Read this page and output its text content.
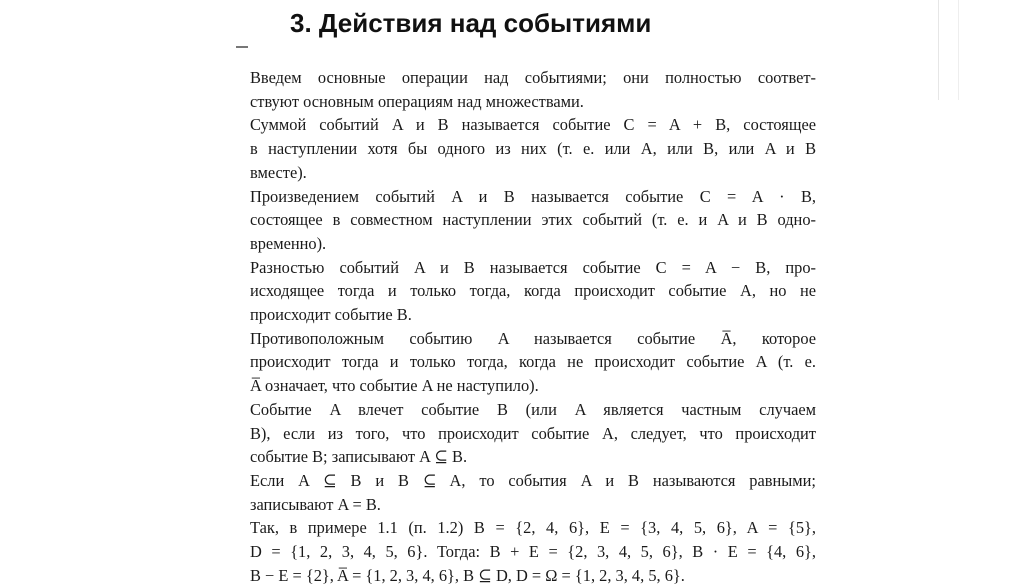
3. Действия над событиями

Введем основные операции над событиями; они полностью соответ-
ствуют основным операциям над множествами.

Суммой событий A и B называется событие C = A + B, состоящее
в наступлении хотя бы одного из них (т. е. или A, или B, или A и B
вместе).

Произведением событий A и B называется событие C = A · B,
состоящее в совместном наступлении этих событий (т. е. и A и B одно-
временно).

Разностью событий A и B называется событие C = A − B, про-
исходящее тогда и только тогда, когда происходит событие A, но не
происходит событие B.

Противоположным событию A называется событие A̅, которое
происходит тогда и только тогда, когда не происходит событие A (т. е.
A̅ означает, что событие A не наступило).

Событие A влечет событие B (или A является частным случаем
B), если из того, что происходит событие A, следует, что происходит
событие B; записывают A ⊆ B.

Если A ⊆ B и B ⊆ A, то события A и B называются равными;
записывают A = B.

Так, в примере 1.1 (п. 1.2) B = {2, 4, 6}, E = {3, 4, 5, 6}, A = {5},
D = {1, 2, 3, 4, 5, 6}. Тогда: B + E = {2, 3, 4, 5, 6}, B · E = {4, 6},
B − E = {2}, A̅ = {1, 2, 3, 4, 6}, B ⊆ D, D = Ω = {1, 2, 3, 4, 5, 6}.
